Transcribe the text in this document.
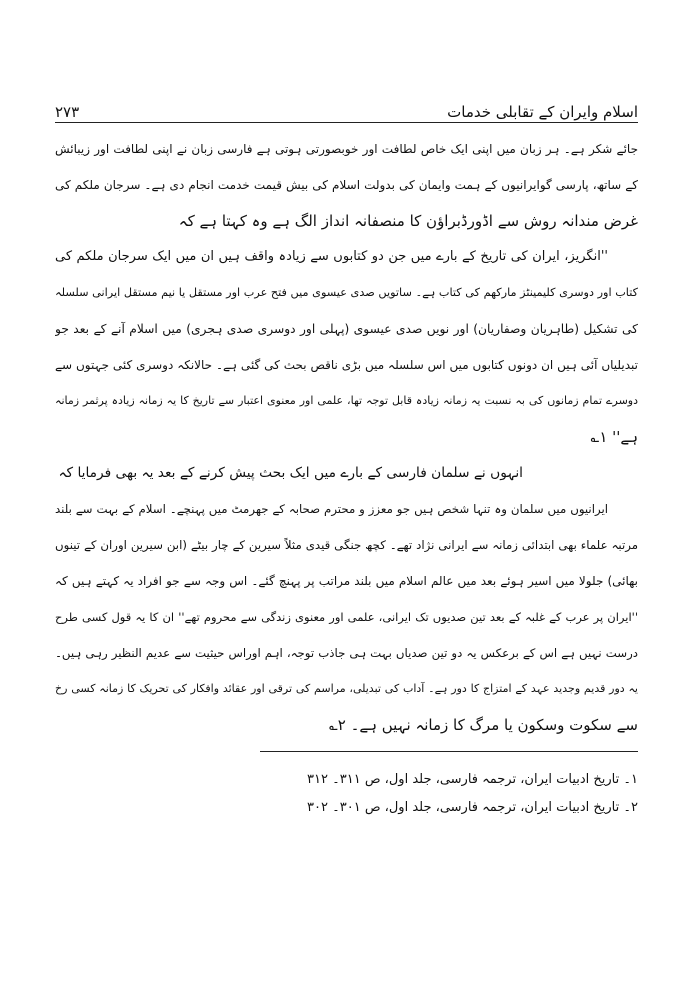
اسلام وایران کے تقابلی خدمات
۲۷۳
جائے شکر ہے۔ ہر زبان میں اپنی ایک خاص لطافت اور خوبصورتی ہوتی ہے فارسی زبان نے اپنی لطافت اور زیبائش
کے ساتھ، پارسی گوایرانیوں کے ہمت وایمان کی بدولت اسلام کی بیش قیمت خدمت انجام دی ہے۔ سرجان ملکم کی
غرض مندانہ روش سے اڈورڈبراؤن کا منصفانہ انداز الگ ہے وہ کہتا ہے کہ
''انگریز، ایران کی تاریخ کے بارے میں جن دو کتابوں سے زیادہ واقف ہیں ان میں ایک سرجان ملکم کی
کتاب اور دوسری کلیمینٹز مارکھم کی کتاب ہے۔ ساتویں صدی عیسوی میں فتح عرب اور مستقل یا نیم مستقل ایرانی سلسلہ
کی تشکیل (طاہریان وصفاریان) اور نویں صدی عیسوی (پہلی اور دوسری صدی ہجری) میں اسلام آنے کے بعد جو
تبدیلیاں آئی ہیں ان دونوں کتابوں میں اس سلسلہ میں بڑی ناقص بحث کی گئی ہے۔ حالانکہ دوسری کئی جہتوں سے
دوسرے تمام زمانوں کی بہ نسبت یہ زمانہ زیادہ قابل توجہ تھا، علمی اور معنوی اعتبار سے تاریخ کا یہ زمانہ زیادہ پرثمر زمانہ
ہے'' ۱؎
انہوں نے سلمان فارسی کے بارے میں ایک بحث پیش کرنے کے بعد یہ بھی فرمایا کہ
ایرانیوں میں سلمان وہ تنہا شخص ہیں جو معزز و محترم صحابہ کے جھرمٹ میں پہنچے۔ اسلام کے بہت سے بلند
مرتبہ علماء بھی ابتدائی زمانہ سے ایرانی نژاد تھے۔ کچھ جنگی قیدی مثلاً سیرین کے چار بیٹے (ابن سیرین اوران کے تینوں
بھائی) جلولا میں اسیر ہوئے بعد میں عالم اسلام میں بلند مراتب پر پہنچ گئے۔ اس وجہ سے جو افراد یہ کہتے ہیں کہ
''ایران پر عرب کے غلبہ کے بعد تین صدیوں تک ایرانی، علمی اور معنوی زندگی سے محروم تھے'' ان کا یہ قول کسی طرح
درست نہیں ہے اس کے برعکس یہ دو تین صدیاں بہت ہی جاذب توجہ، اہم اوراس حیثیت سے عدیم النظیر رہی ہیں۔
یہ دور قدیم وجدید عہد کے امتزاج کا دور ہے۔ آداب کی تبدیلی، مراسم کی ترقی اور عقائد وافکار کی تحریک کا زمانہ کسی رخ
سے سکوت وسکون یا مرگ کا زمانہ نہیں ہے۔ ۲؎
۱۔ تاریخ ادبیات ایران، ترجمہ فارسی، جلد اول، ص ۳۱۱۔ ۳۱۲
۲۔ تاریخ ادبیات ایران، ترجمہ فارسی، جلد اول، ص ۳۰۱۔ ۳۰۲
